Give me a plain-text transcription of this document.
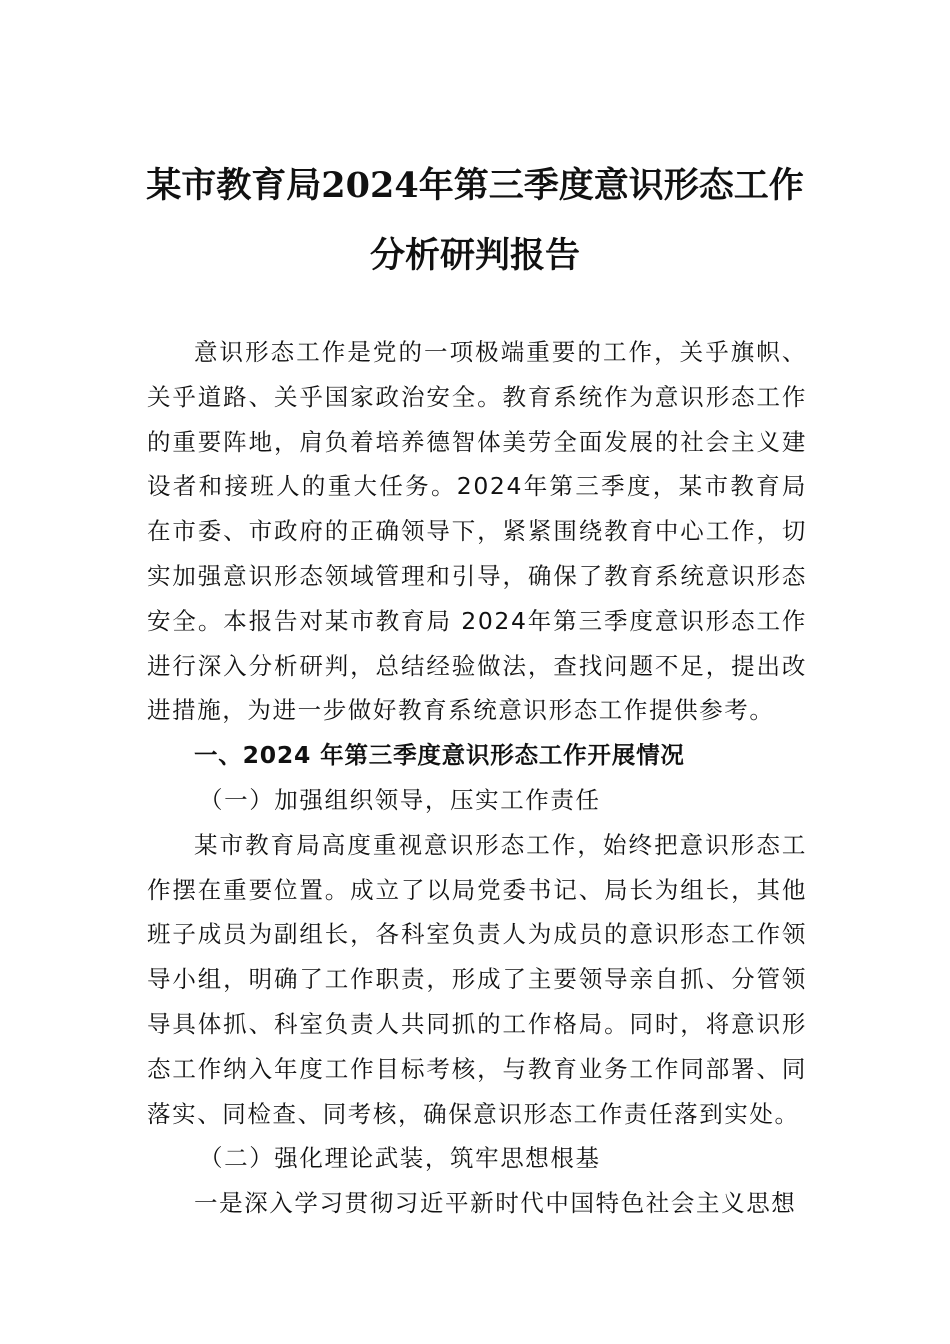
某市教育局2024年第三季度意识形态工作
分析研判报告

意识形态工作是党的一项极端重要的工作，关乎旗帜、关乎道路、关乎国家政治安全。教育系统作为意识形态工作的重要阵地，肩负着培养德智体美劳全面发展的社会主义建设者和接班人的重大任务。2024年第三季度，某市教育局在市委、市政府的正确领导下，紧紧围绕教育中心工作，切实加强意识形态领域管理和引导，确保了教育系统意识形态安全。本报告对某市教育局 2024年第三季度意识形态工作进行深入分析研判，总结经验做法，查找问题不足，提出改进措施，为进一步做好教育系统意识形态工作提供参考。

一、2024 年第三季度意识形态工作开展情况
（一）加强组织领导，压实工作责任

某市教育局高度重视意识形态工作，始终把意识形态工作摆在重要位置。成立了以局党委书记、局长为组长，其他班子成员为副组长，各科室负责人为成员的意识形态工作领导小组，明确了工作职责，形成了主要领导亲自抓、分管领导具体抓、科室负责人共同抓的工作格局。同时，将意识形态工作纳入年度工作目标考核，与教育业务工作同部署、同落实、同检查、同考核，确保意识形态工作责任落到实处。

（二）强化理论武装，筑牢思想根基

一是深入学习贯彻习近平新时代中国特色社会主义思想
